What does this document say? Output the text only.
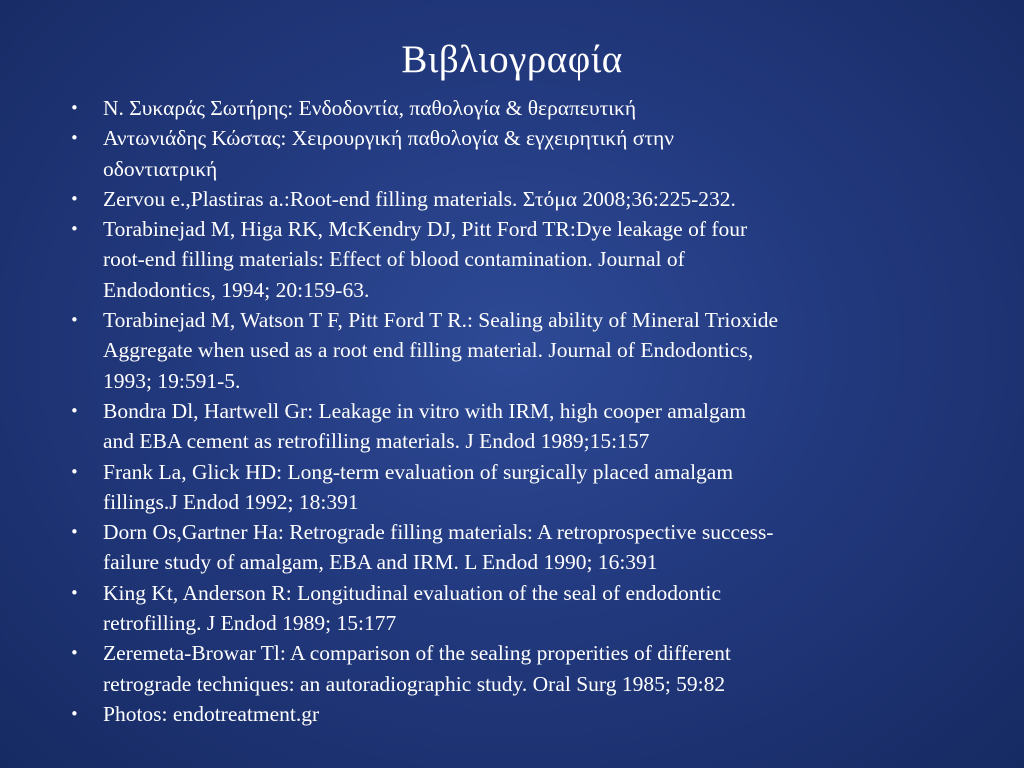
Βιβλιογραφία
• Ν. Συκαράς Σωτήρης: Ενδοδοντία, παθολογία & θεραπευτική
• Αντωνιάδης Κώστας: Χειρουργική παθολογία & εγχειρητική στην
οδοντιατρική
• Zervou e.,Plastiras a.:Root-end filling materials. Στόμα 2008;36:225-232.
• Torabinejad M, Higa RK, McKendry DJ, Pitt Ford TR:Dye leakage of four
root-end filling materials: Effect of blood contamination. Journal of
Endodontics, 1994; 20:159-63.
• Torabinejad M, Watson T F, Pitt Ford T R.: Sealing ability of Mineral Trioxide
Aggregate when used as a root end filling material. Journal of Endodontics,
1993; 19:591-5.
• Bondra Dl, Hartwell Gr: Leakage in vitro with IRM, high cooper amalgam
and EBA cement as retrofilling materials. J Endod 1989;15:157
• Frank La, Glick HD: Long-term evaluation of surgically placed amalgam
fillings.J Endod 1992; 18:391
• Dorn Os,Gartner Ha: Retrograde filling materials: A retroprospective success-
failure study of amalgam, EBA and IRM. L Endod 1990; 16:391
• King Kt, Anderson R: Longitudinal evaluation of the seal of endodontic
retrofilling. J Endod 1989; 15:177
• Zeremeta-Browar Tl: A comparison of the sealing properities of different
retrograde techniques: an autoradiographic study. Oral Surg 1985; 59:82
• Photos: endotreatment.gr
